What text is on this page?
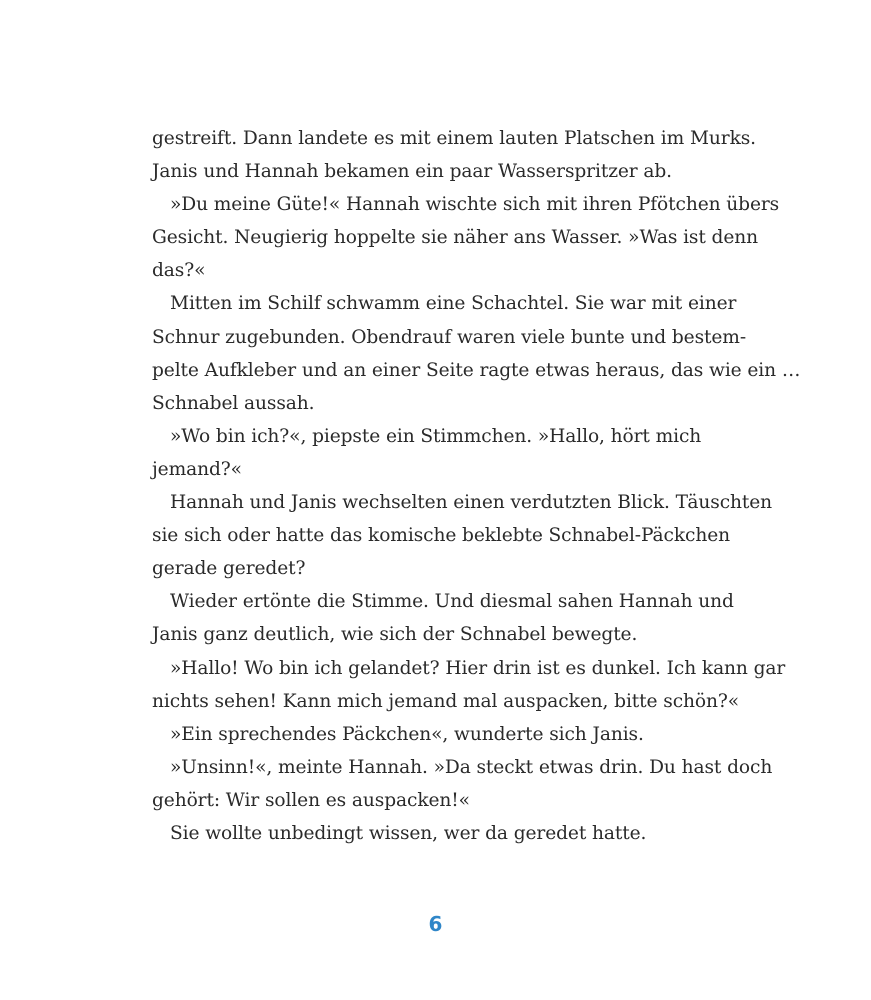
gestreift. Dann landete es mit einem lauten Platschen im Murks.
Janis und Hannah bekamen ein paar Wasserspritzer ab.
»Du meine Güte!« Hannah wischte sich mit ihren Pfötchen übers
Gesicht. Neugierig hoppelte sie näher ans Wasser. »Was ist denn
das?«
Mitten im Schilf schwamm eine Schachtel. Sie war mit einer
Schnur zugebunden. Obendrauf waren viele bunte und bestem-
pelte Aufkleber und an einer Seite ragte etwas heraus, das wie ein …
Schnabel aussah.
»Wo bin ich?«, piepste ein Stimmchen. »Hallo, hört mich
jemand?«
Hannah und Janis wechselten einen verdutzten Blick. Täuschten
sie sich oder hatte das komische beklebte Schnabel-Päckchen
gerade geredet?
Wieder ertönte die Stimme. Und diesmal sahen Hannah und
Janis ganz deutlich, wie sich der Schnabel bewegte.
»Hallo! Wo bin ich gelandet? Hier drin ist es dunkel. Ich kann gar
nichts sehen! Kann mich jemand mal auspacken, bitte schön?«
»Ein sprechendes Päckchen«, wunderte sich Janis.
»Unsinn!«, meinte Hannah. »Da steckt etwas drin. Du hast doch
gehört: Wir sollen es auspacken!«
Sie wollte unbedingt wissen, wer da geredet hatte.
6
